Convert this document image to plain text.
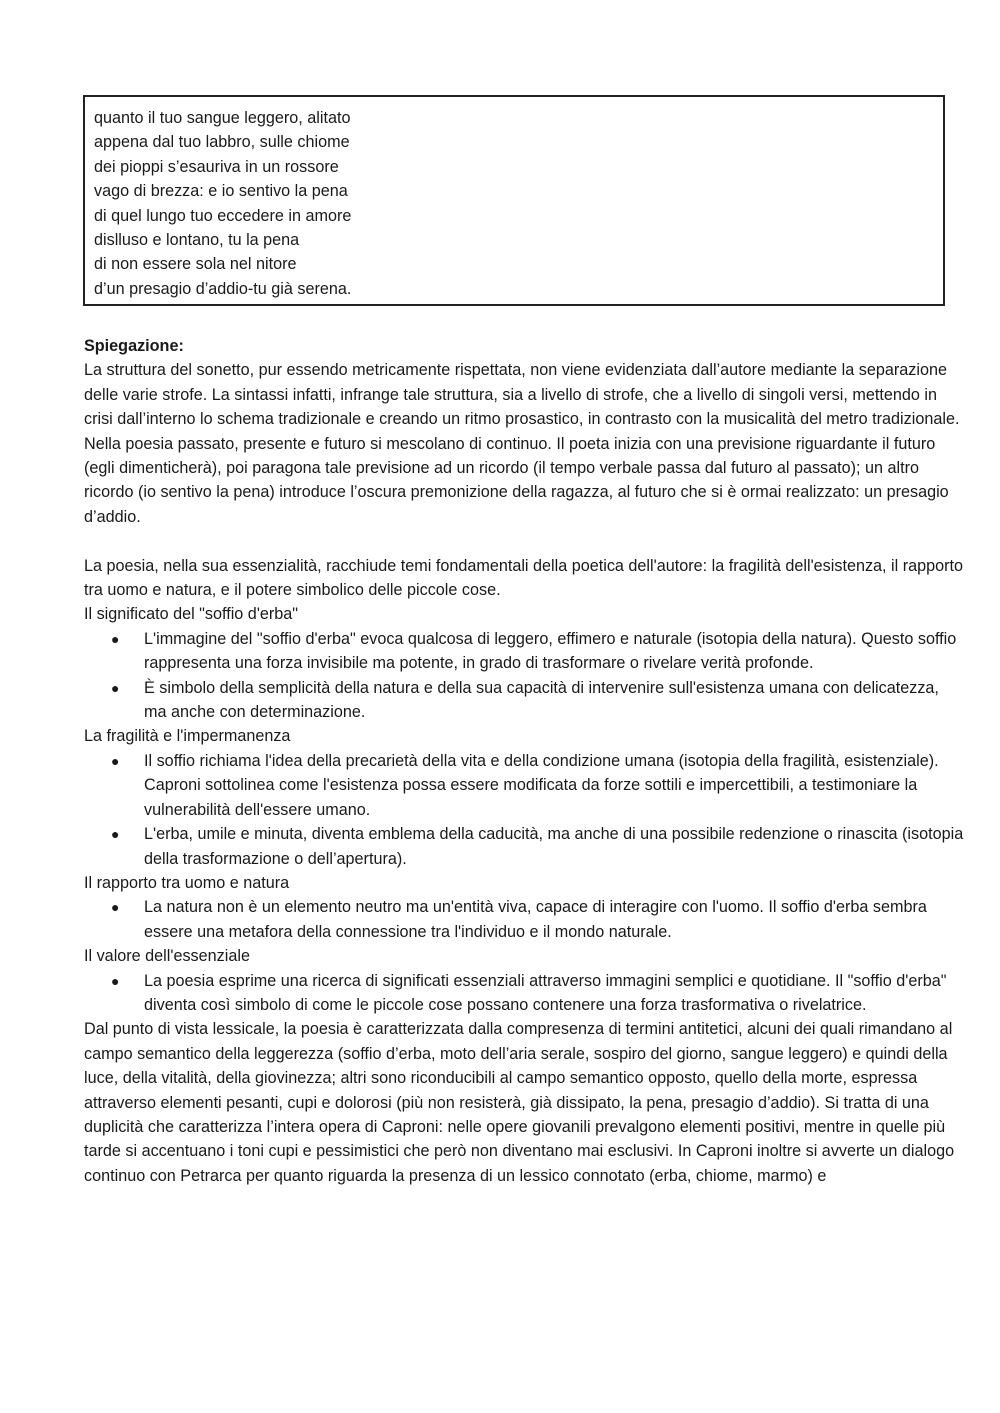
quanto il tuo sangue leggero, alitato
appena dal tuo labbro, sulle chiome
dei pioppi s’esauriva in un rossore
vago di brezza: e io sentivo la pena
di quel lungo tuo eccedere in amore
dislluso e lontano, tu la pena
di non essere sola nel nitore
d’un presagio d’addio-tu già serena.
Spiegazione:

La struttura del sonetto, pur essendo metricamente rispettata, non viene evidenziata dall’autore mediante la separazione delle varie strofe. La sintassi infatti, infrange tale struttura, sia a livello di strofe, che a livello di singoli versi, mettendo in crisi dall’interno lo schema tradizionale e creando un ritmo prosastico, in contrasto con la musicalità del metro tradizionale. Nella poesia passato, presente e futuro si mescolano di continuo. Il poeta inizia con una previsione riguardante il futuro (egli dimenticherà), poi paragona tale previsione ad un ricordo (il tempo verbale passa dal futuro al passato); un altro ricordo (io sentivo la pena) introduce l’oscura premonizione della ragazza, al futuro che si è ormai realizzato: un presagio d’addio.

La poesia, nella sua essenzialità, racchiude temi fondamentali della poetica dell'autore: la fragilità dell'esistenza, il rapporto tra uomo e natura, e il potere simbolico delle piccole cose.

Il significato del "soffio d'erba"
● L'immagine del "soffio d'erba" evoca qualcosa di leggero, effimero e naturale (isotopia della natura). Questo soffio rappresenta una forza invisibile ma potente, in grado di trasformare o rivelare verità profonde.
● È simbolo della semplicità della natura e della sua capacità di intervenire sull'esistenza umana con delicatezza, ma anche con determinazione.
La fragilità e l'impermanenza
● Il soffio richiama l'idea della precarietà della vita e della condizione umana (isotopia della fragilità, esistenziale). Caproni sottolinea come l'esistenza possa essere modificata da forze sottili e impercettibili, a testimoniare la vulnerabilità dell'essere umano.
● L'erba, umile e minuta, diventa emblema della caducità, ma anche di una possibile redenzione o rinascita (isotopia della trasformazione o dell’apertura).
Il rapporto tra uomo e natura
● La natura non è un elemento neutro ma un'entità viva, capace di interagire con l'uomo. Il soffio d'erba sembra essere una metafora della connessione tra l'individuo e il mondo naturale.
Il valore dell'essenziale
● La poesia esprime una ricerca di significati essenziali attraverso immagini semplici e quotidiane. Il "soffio d'erba" diventa così simbolo di come le piccole cose possano contenere una forza trasformativa o rivelatrice.

Dal punto di vista lessicale, la poesia è caratterizzata dalla compresenza di termini antitetici, alcuni dei quali rimandano al campo semantico della leggerezza (soffio d’erba, moto dell’aria serale, sospiro del giorno, sangue leggero) e quindi della luce, della vitalità, della giovinezza; altri sono riconducibili al campo semantico opposto, quello della morte, espressa attraverso elementi pesanti, cupi e dolorosi (più non resisterà, già dissipato, la pena, presagio d’addio). Si tratta di una duplicità che caratterizza l’intera opera di Caproni: nelle opere giovanili prevalgono elementi positivi, mentre in quelle più tarde si accentuano i toni cupi e pessimistici che però non diventano mai esclusivi. In Caproni inoltre si avverte un dialogo continuo con Petrarca per quanto riguarda la presenza di un lessico connotato (erba, chiome, marmo) e
